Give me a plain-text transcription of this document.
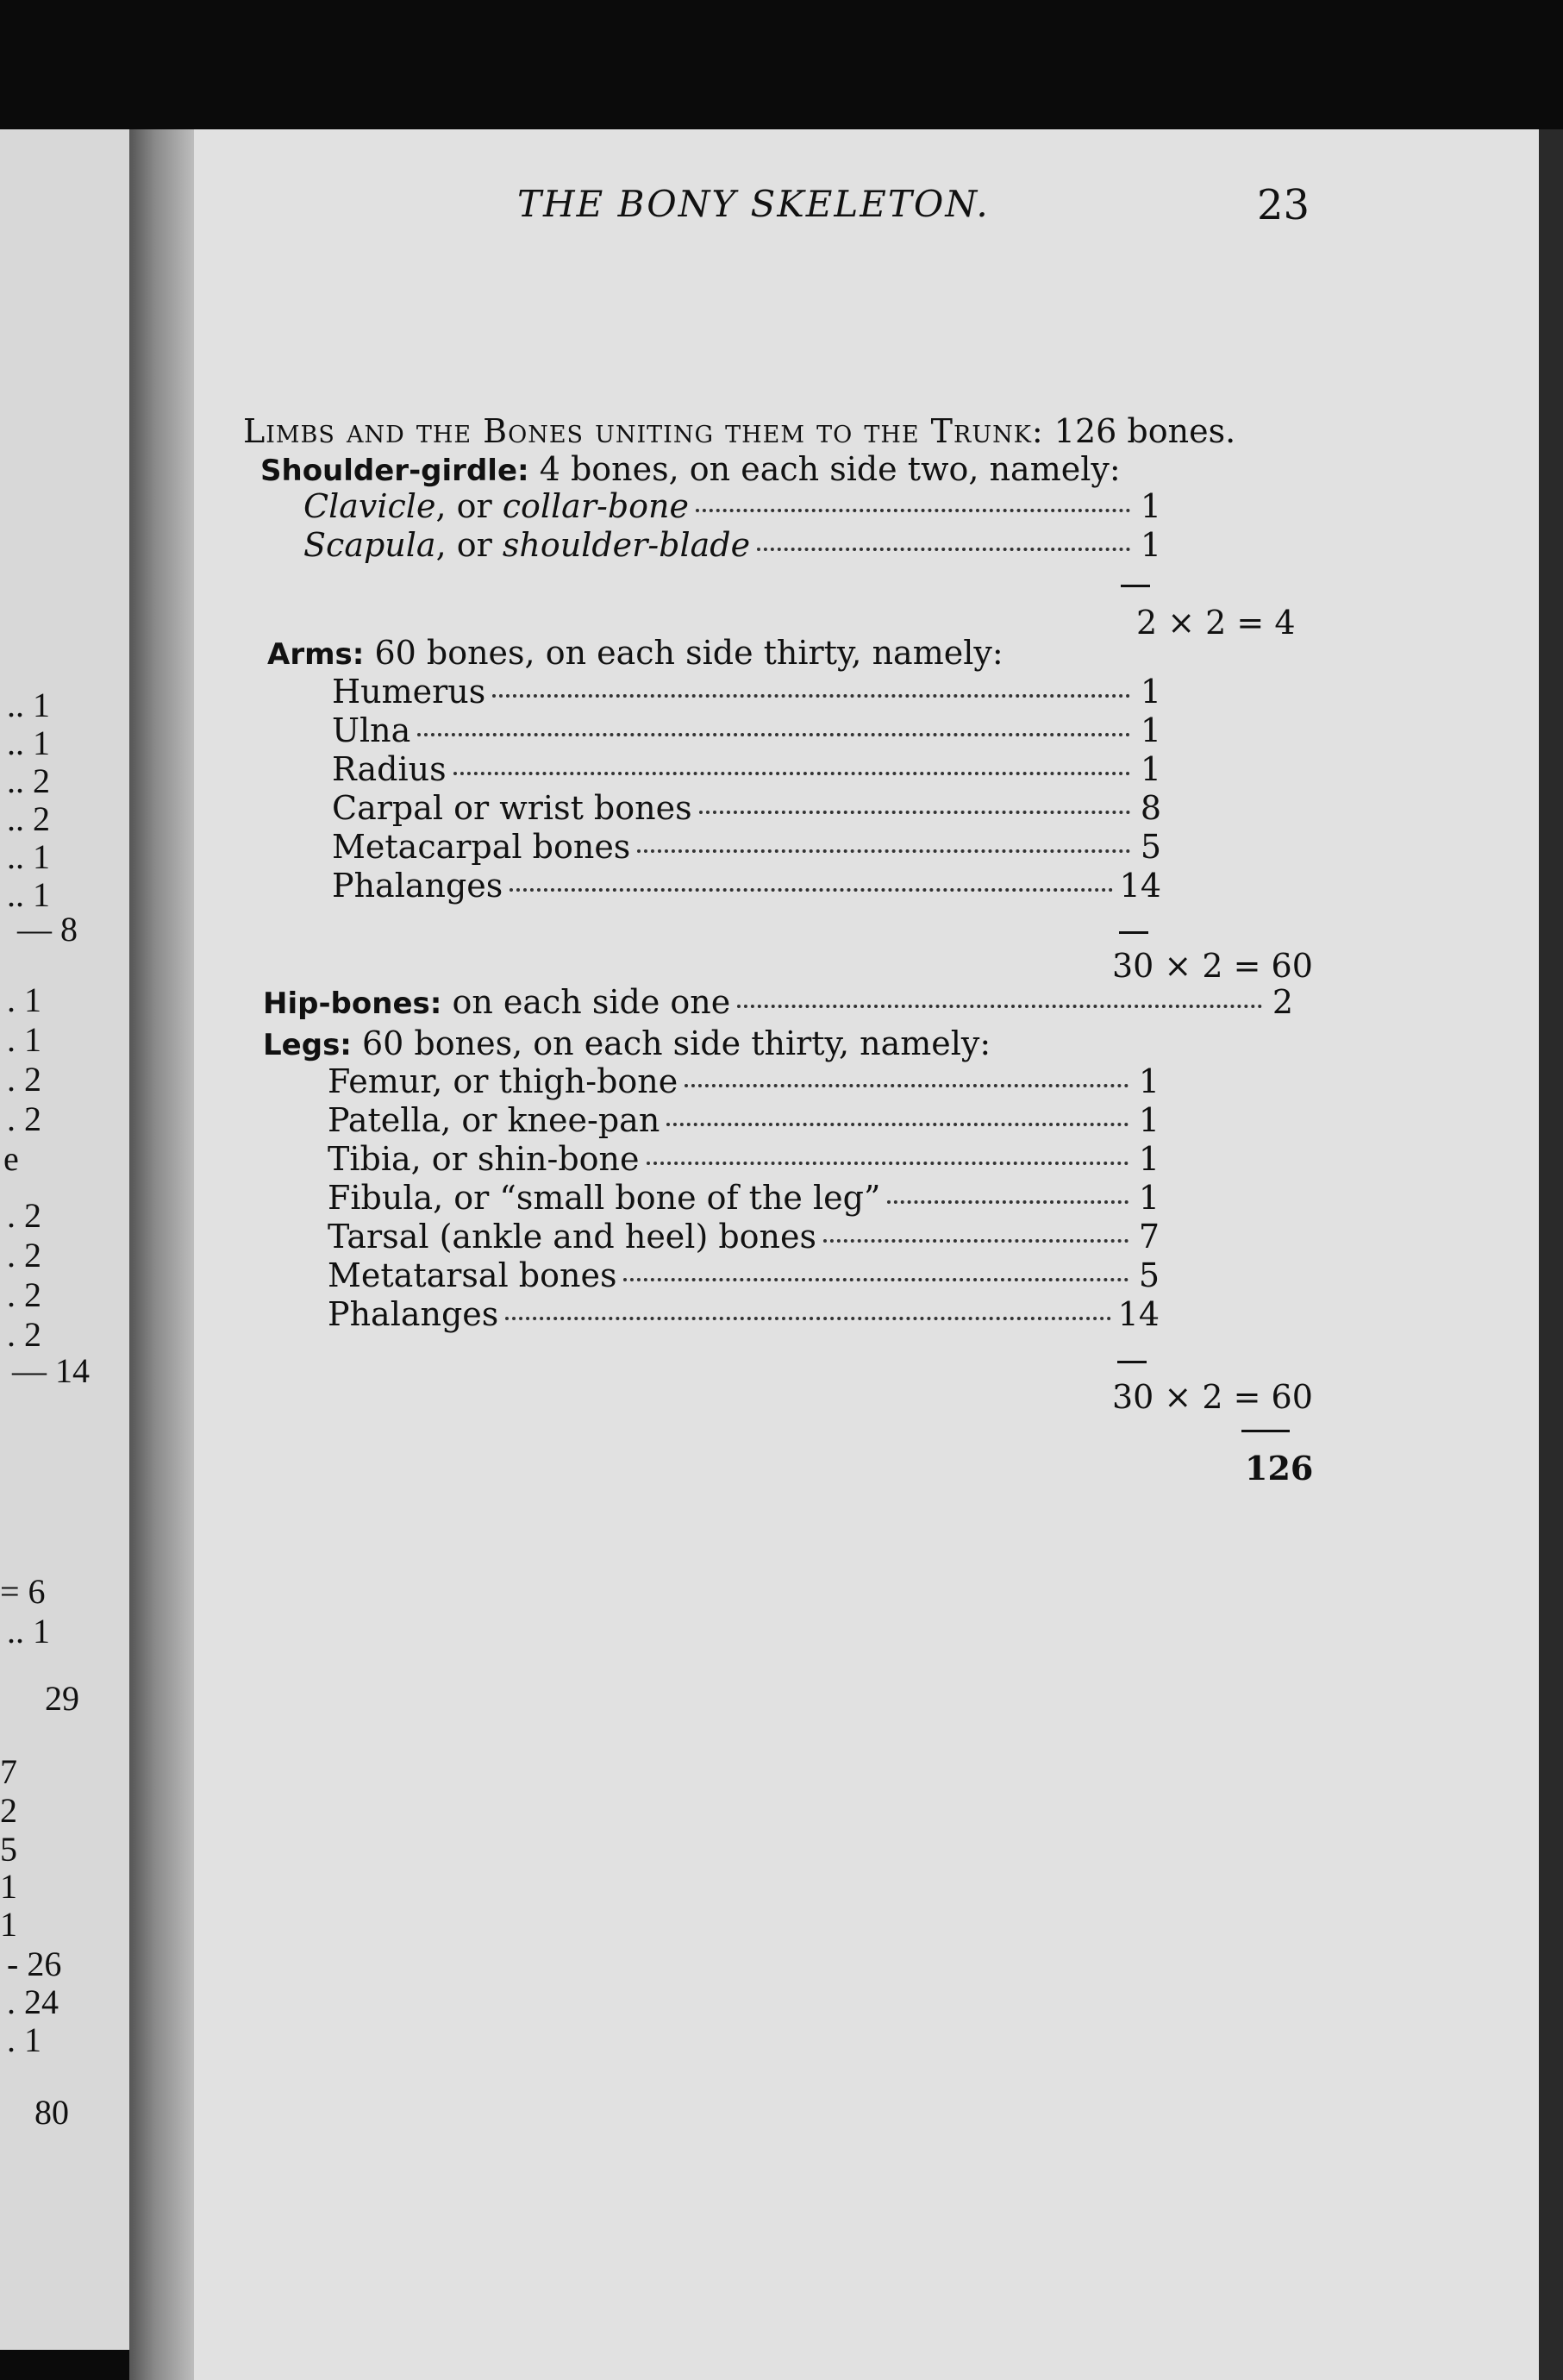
.. 1
.. 1
.. 2
.. 2
.. 1
.. 1
— 8
. 1
. 1
. 2
. 2
e
. 2
. 2
. 2
. 2
— 14
= 6
.. 1
29
7
2
5
1
1
- 26
. 24
. 1
80
THE BONY SKELETON.	23
Limbs and the Bones uniting them to the Trunk: 126 bones.
Shoulder-girdle: 4 bones, on each side two, namely:
Clavicle, or collar-bone	1
Scapula, or shoulder-blade	1
2 × 2 = 4
Arms: 60 bones, on each side thirty, namely:
Humerus	1
Ulna	1
Radius	1
Carpal or wrist bones	8
Metacarpal bones	5
Phalanges	14
30 × 2 = 60
Hip-bones: on each side one	2
Legs: 60 bones, on each side thirty, namely:
Femur, or thigh-bone	1
Patella, or knee-pan	1
Tibia, or shin-bone	1
Fibula, or “small bone of the leg”	1
Tarsal (ankle and heel) bones	7
Metatarsal bones	5
Phalanges	14
30 × 2 = 60
126
